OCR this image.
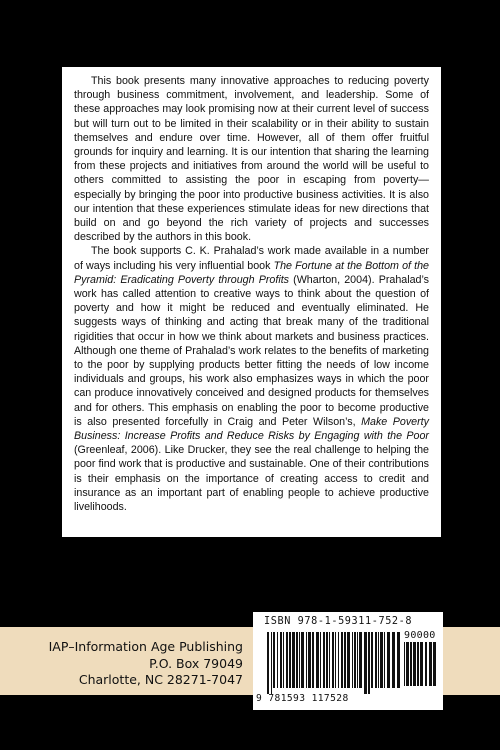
This book presents many innovative approaches to reducing poverty through business commitment, involvement, and leadership. Some of these approaches may look promising now at their current level of success but will turn out to be limited in their scalability or in their ability to sustain themselves and endure over time. However, all of them offer fruitful grounds for inquiry and learning. It is our intention that sharing the learning from these projects and initiatives from around the world will be useful to others committed to assisting the poor in escaping from poverty—especially by bringing the poor into productive business activities. It is also our intention that these experiences stimulate ideas for new directions that build on and go beyond the rich variety of projects and successes described by the authors in this book.

The book supports C. K. Prahalad’s work made available in a number of ways including his very influential book The Fortune at the Bottom of the Pyramid: Eradicating Poverty through Profits (Wharton, 2004). Prahalad’s work has called attention to creative ways to think about the question of poverty and how it might be reduced and eventually eliminated. He suggests ways of thinking and acting that break many of the traditional rigidities that occur in how we think about markets and business practices. Although one theme of Prahalad’s work relates to the benefits of marketing to the poor by supplying products better fitting the needs of low income individuals and groups, his work also emphasizes ways in which the poor can produce innovatively conceived and designed products for themselves and for others. This emphasis on enabling the poor to become productive is also presented forcefully in Craig and Peter Wilson’s, Make Poverty Business: Increase Profits and Reduce Risks by Engaging with the Poor (Greenleaf, 2006). Like Drucker, they see the real challenge to helping the poor find work that is productive and sustainable. One of their contributions is their emphasis on the importance of creating access to credit and insurance as an important part of enabling people to achieve productive livelihoods.

IAP–Information Age Publishing
P.O. Box 79049
Charlotte, NC 28271-7047
ISBN 978-1-59311-752-8
90000
9 781593 117528
